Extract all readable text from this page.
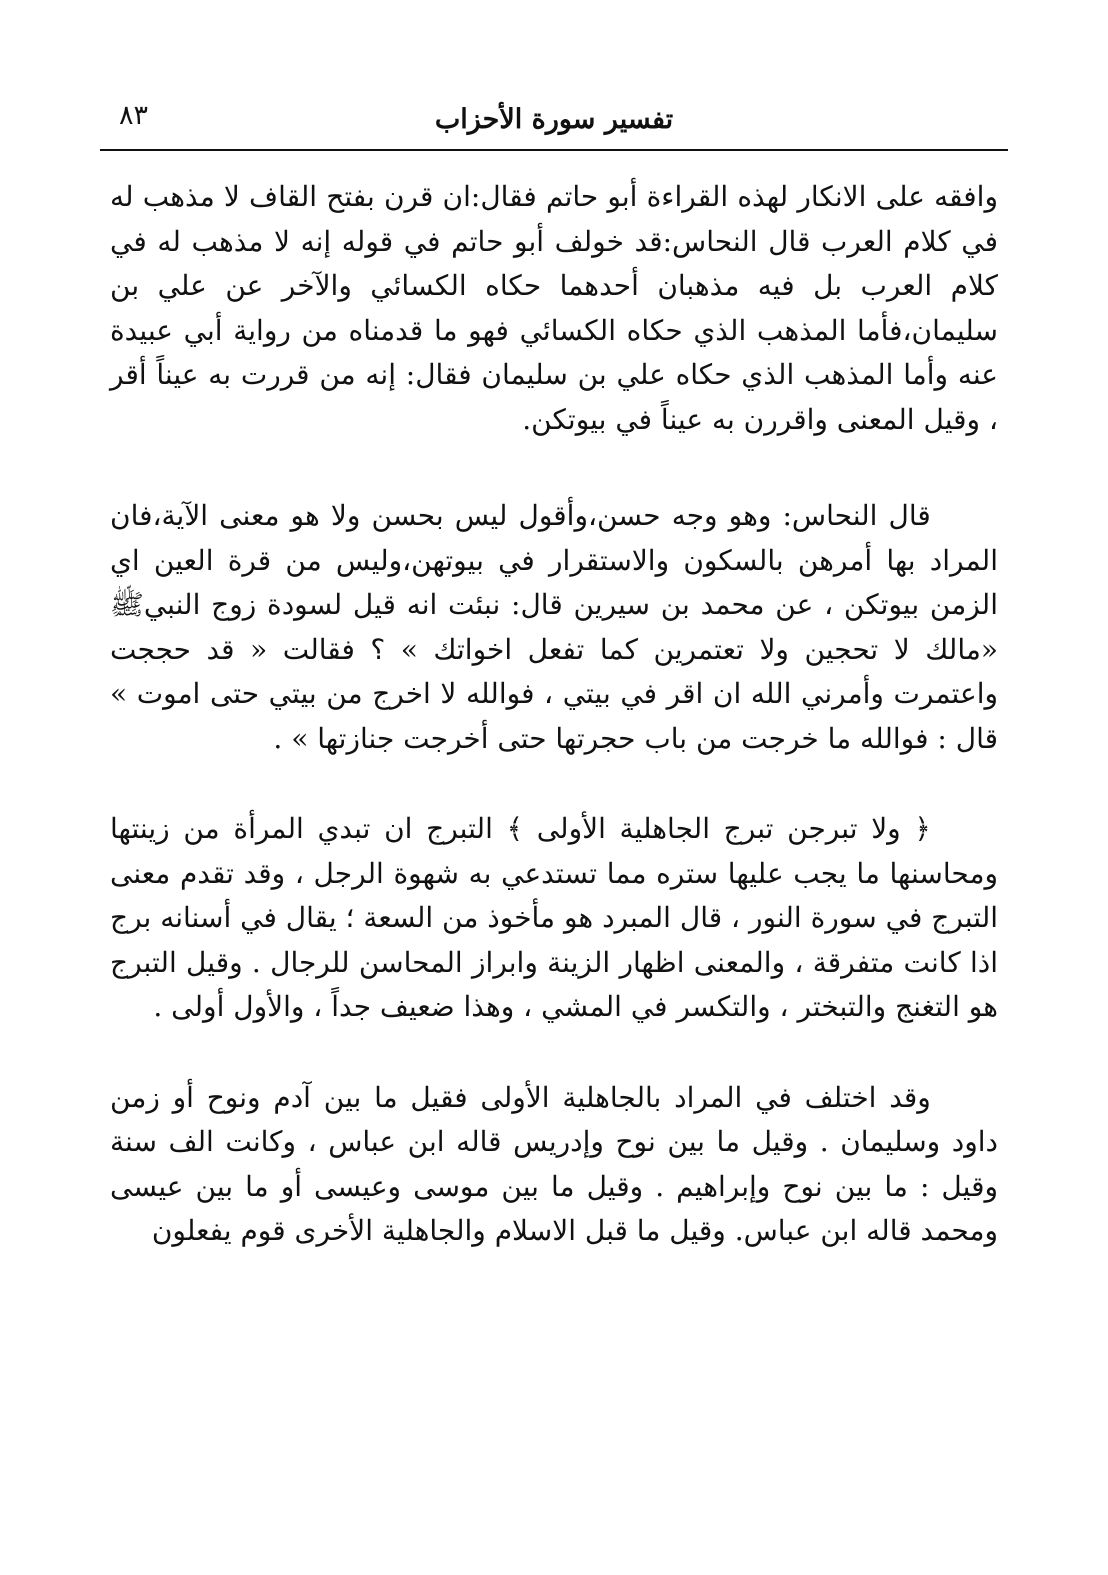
تفسير سورة الأحزاب
٨٣

وافقه على الانكار لهذه القراءة أبو حاتم فقال:ان قرن بفتح القاف لا مذهب له في كلام العرب قال النحاس:قد خولف أبو حاتم في قوله إنه لا مذهب له في كلام العرب بل فيه مذهبان أحدهما حكاه الكسائي والآخر عن علي بن سليمان،فأما المذهب الذي حكاه الكسائي فهو ما قدمناه من رواية أبي عبيدة عنه وأما المذهب الذي حكاه علي بن سليمان فقال: إنه من قررت به عيناً أقر ، وقيل المعنى واقررن به عيناً في بيوتكن.

قال النحاس: وهو وجه حسن،وأقول ليس بحسن ولا هو معنى الآية،فان المراد بها أمرهن بالسكون والاستقرار في بيوتهن،وليس من قرة العين اي الزمن بيوتكن ، عن محمد بن سيرين قال: نبئت انه قيل لسودة زوج النبيﷺ «مالك لا تحجين ولا تعتمرين كما تفعل اخواتك » ؟ فقالت « قد حججت واعتمرت وأمرني الله ان اقر في بيتي ، فوالله لا اخرج من بيتي حتى اموت » قال : فوالله ما خرجت من باب حجرتها حتى أخرجت جنازتها » .

﴿ ولا تبرجن تبرج الجاهلية الأولى ﴾ التبرج ان تبدي المرأة من زينتها ومحاسنها ما يجب عليها ستره مما تستدعي به شهوة الرجل ، وقد تقدم معنى التبرج في سورة النور ، قال المبرد هو مأخوذ من السعة ؛ يقال في أسنانه برج اذا كانت متفرقة ، والمعنى اظهار الزينة وابراز المحاسن للرجال . وقيل التبرج هو التغنج والتبختر ، والتكسر في المشي ، وهذا ضعيف جداً ، والأول أولى .

وقد اختلف في المراد بالجاهلية الأولى فقيل ما بين آدم ونوح أو زمن داود وسليمان . وقيل ما بين نوح وإدريس قاله ابن عباس ، وكانت الف سنة وقيل : ما بين نوح وإبراهيم . وقيل ما بين موسى وعيسى أو ما بين عيسى ومحمد قاله ابن عباس. وقيل ما قبل الاسلام والجاهلية الأخرى قوم يفعلون
